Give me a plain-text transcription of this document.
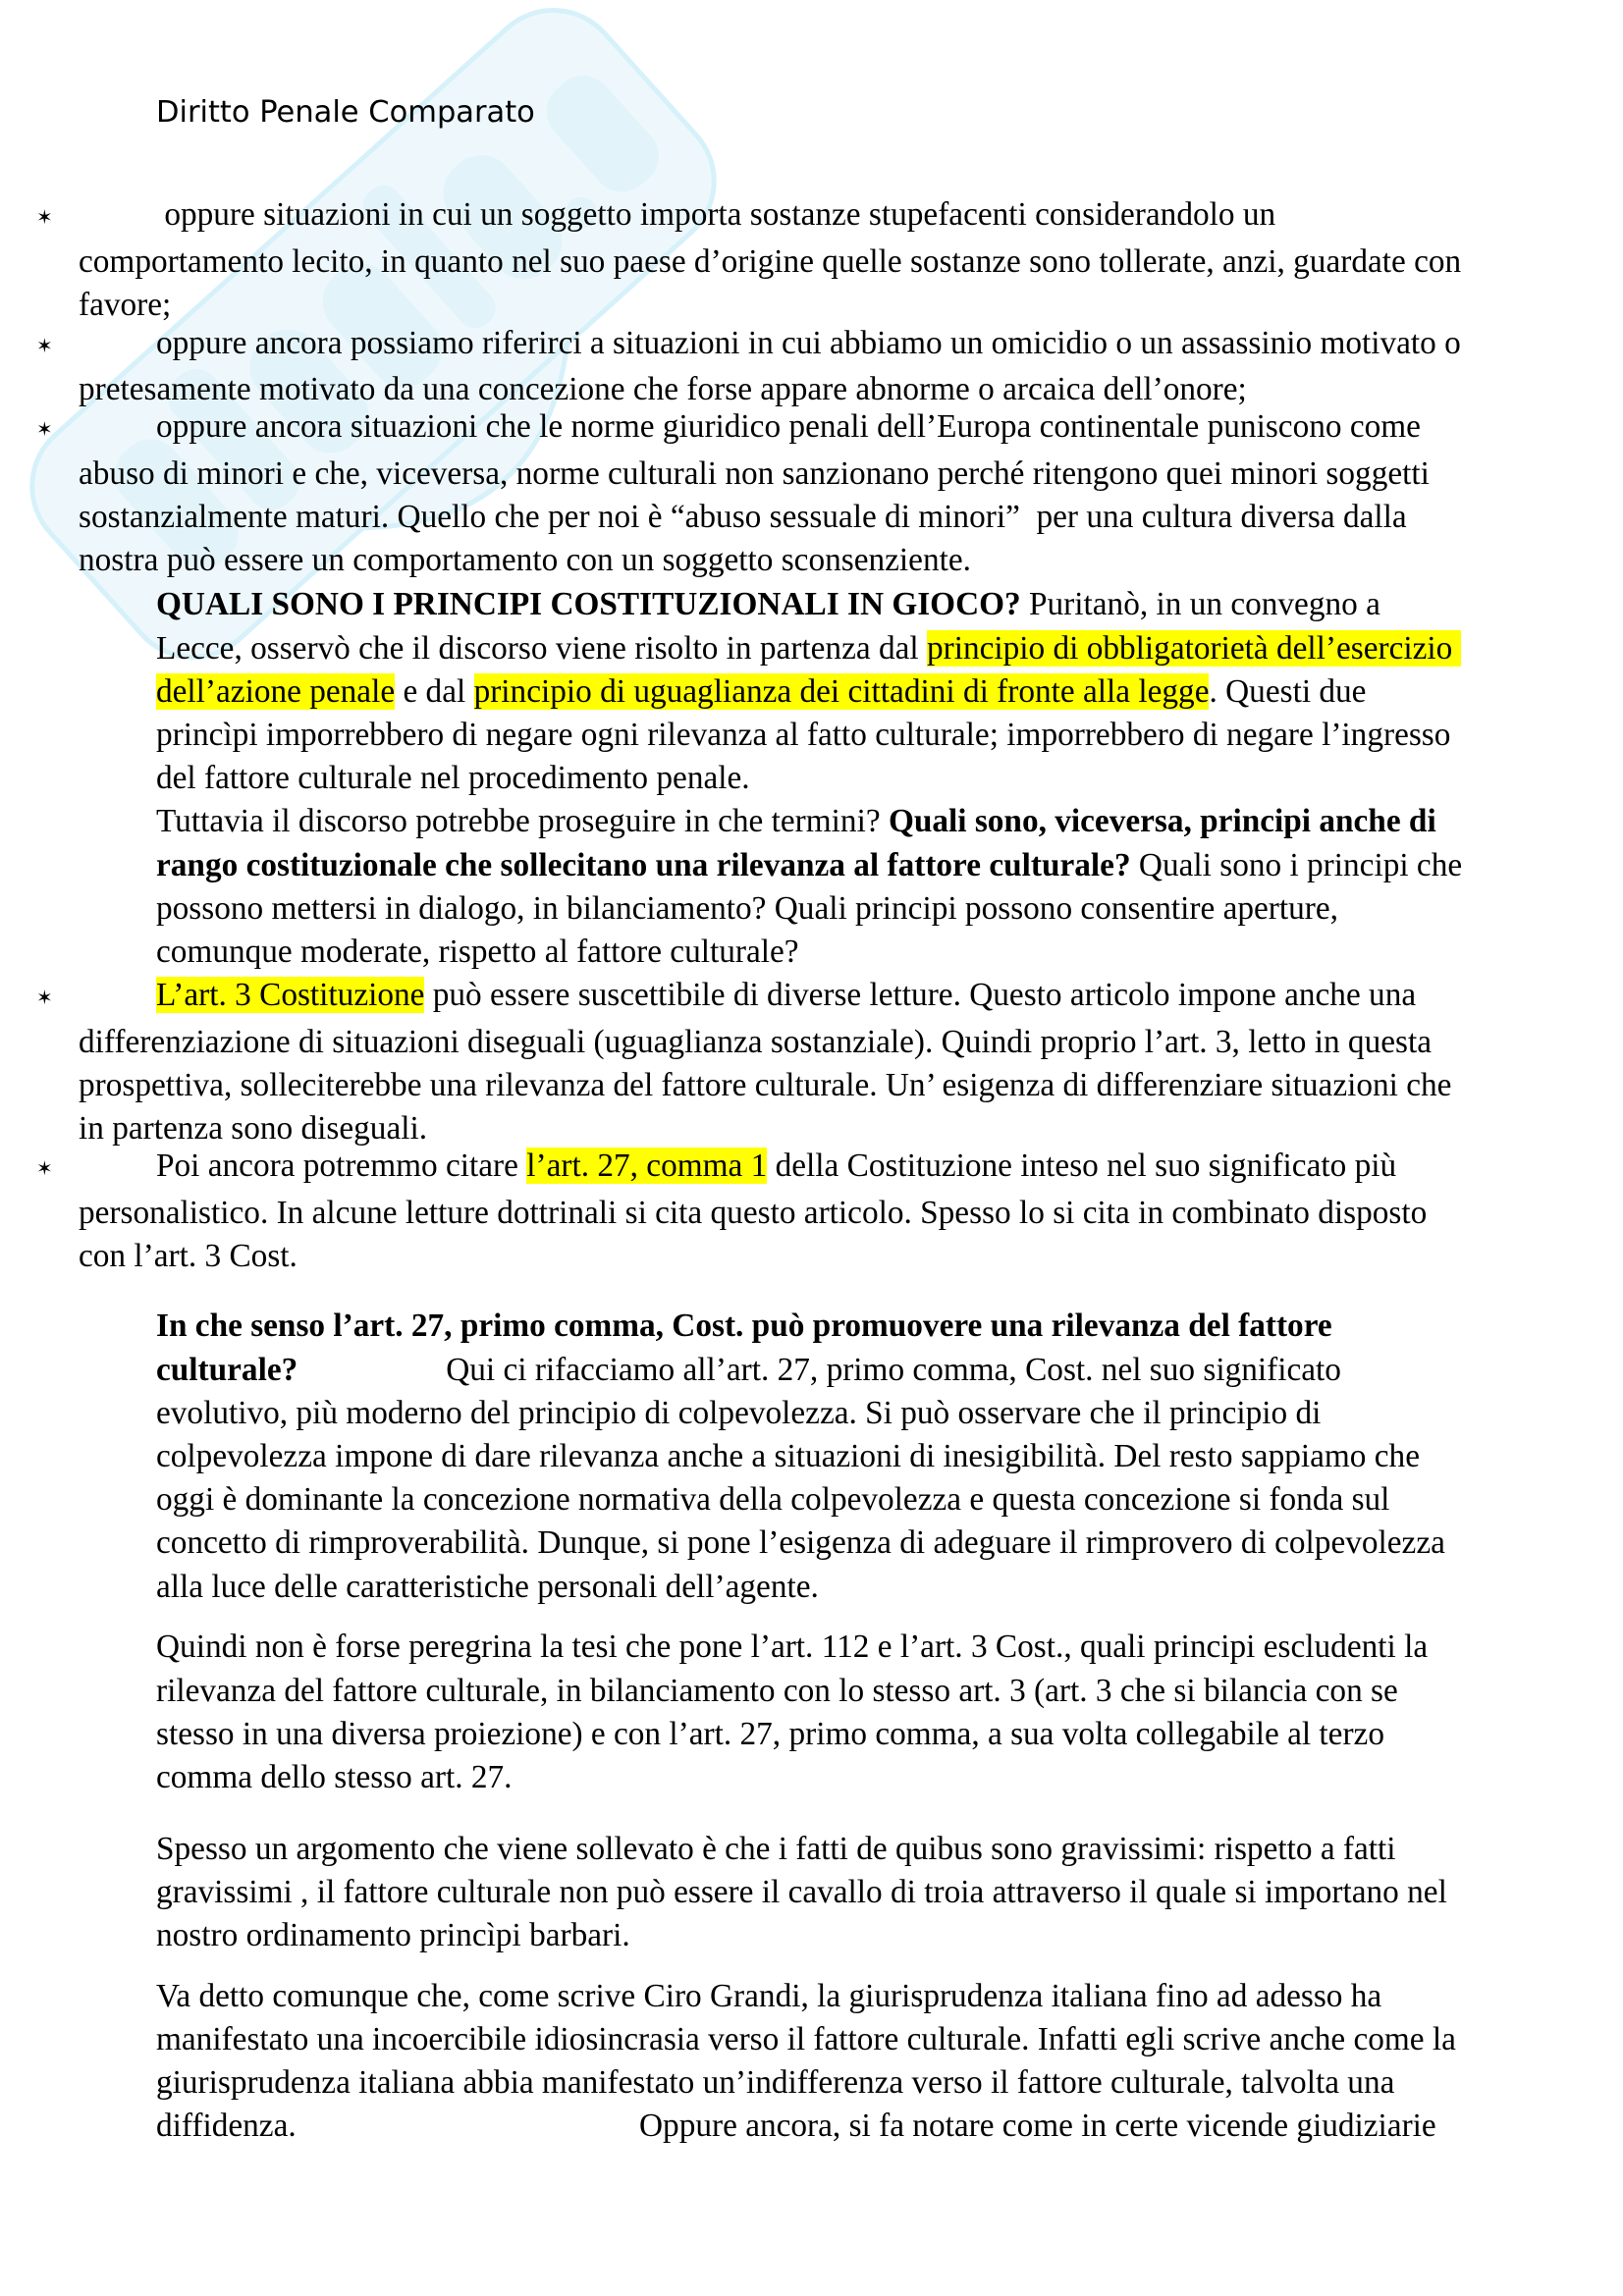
Diritto Penale Comparato
✶	oppure situazioni in cui un soggetto importa sostanze stupefacenti considerandolo un
comportamento lecito, in quanto nel suo paese d’origine quelle sostanze sono tollerate, anzi, guardate con
favore;
✶	oppure ancora possiamo riferirci a situazioni in cui abbiamo un omicidio o un assassinio motivato o
pretesamente motivato da una concezione che forse appare abnorme o arcaica dell’onore;
✶	oppure ancora situazioni che le norme giuridico penali dell’Europa continentale puniscono come
abuso di minori e che, viceversa, norme culturali non sanzionano perché ritengono quei minori soggetti
sostanzialmente maturi. Quello che per noi è “abuso sessuale di minori”  per una cultura diversa dalla
nostra può essere un comportamento con un soggetto sconsenziente.
QUALI SONO I PRINCIPI COSTITUZIONALI IN GIOCO? Puritanò, in un convegno a
Lecce, osservò che il discorso viene risolto in partenza dal principio di obbligatorietà dell’esercizio
dell’azione penale e dal principio di uguaglianza dei cittadini di fronte alla legge. Questi due
princìpi imporrebbero di negare ogni rilevanza al fatto culturale; imporrebbero di negare l’ingresso
del fattore culturale nel procedimento penale.
Tuttavia il discorso potrebbe proseguire in che termini? Quali sono, viceversa, principi anche di
rango costituzionale che sollecitano una rilevanza al fattore culturale? Quali sono i principi che
possono mettersi in dialogo, in bilanciamento? Quali principi possono consentire aperture,
comunque moderate, rispetto al fattore culturale?
✶	L’art. 3 Costituzione può essere suscettibile di diverse letture. Questo articolo impone anche una
differenziazione di situazioni diseguali (uguaglianza sostanziale). Quindi proprio l’art. 3, letto in questa
prospettiva, solleciterebbe una rilevanza del fattore culturale. Un’ esigenza di differenziare situazioni che
in partenza sono diseguali.
✶	Poi ancora potremmo citare l’art. 27, comma 1 della Costituzione inteso nel suo significato più
personalistico. In alcune letture dottrinali si cita questo articolo. Spesso lo si cita in combinato disposto
con l’art. 3 Cost.
In che senso l’art. 27, primo comma, Cost. può promuovere una rilevanza del fattore
culturale?		Qui ci rifacciamo all’art. 27, primo comma, Cost. nel suo significato
evolutivo, più moderno del principio di colpevolezza. Si può osservare che il principio di
colpevolezza impone di dare rilevanza anche a situazioni di inesigibilità. Del resto sappiamo che
oggi è dominante la concezione normativa della colpevolezza e questa concezione si fonda sul
concetto di rimproverabilità. Dunque, si pone l’esigenza di adeguare il rimprovero di colpevolezza
alla luce delle caratteristiche personali dell’agente.
Quindi non è forse peregrina la tesi che pone l’art. 112 e l’art. 3 Cost., quali principi escludenti la
rilevanza del fattore culturale, in bilanciamento con lo stesso art. 3 (art. 3 che si bilancia con se
stesso in una diversa proiezione) e con l’art. 27, primo comma, a sua volta collegabile al terzo
comma dello stesso art. 27.
Spesso un argomento che viene sollevato è che i fatti de quibus sono gravissimi: rispetto a fatti
gravissimi , il fattore culturale non può essere il cavallo di troia attraverso il quale si importano nel
nostro ordinamento princìpi barbari.
Va detto comunque che, come scrive Ciro Grandi, la giurisprudenza italiana fino ad adesso ha
manifestato una incoercibile idiosincrasia verso il fattore culturale. Infatti egli scrive anche come la
giurisprudenza italiana abbia manifestato un’indifferenza verso il fattore culturale, talvolta una
diffidenza.				Oppure ancora, si fa notare come in certe vicende giudiziarie
